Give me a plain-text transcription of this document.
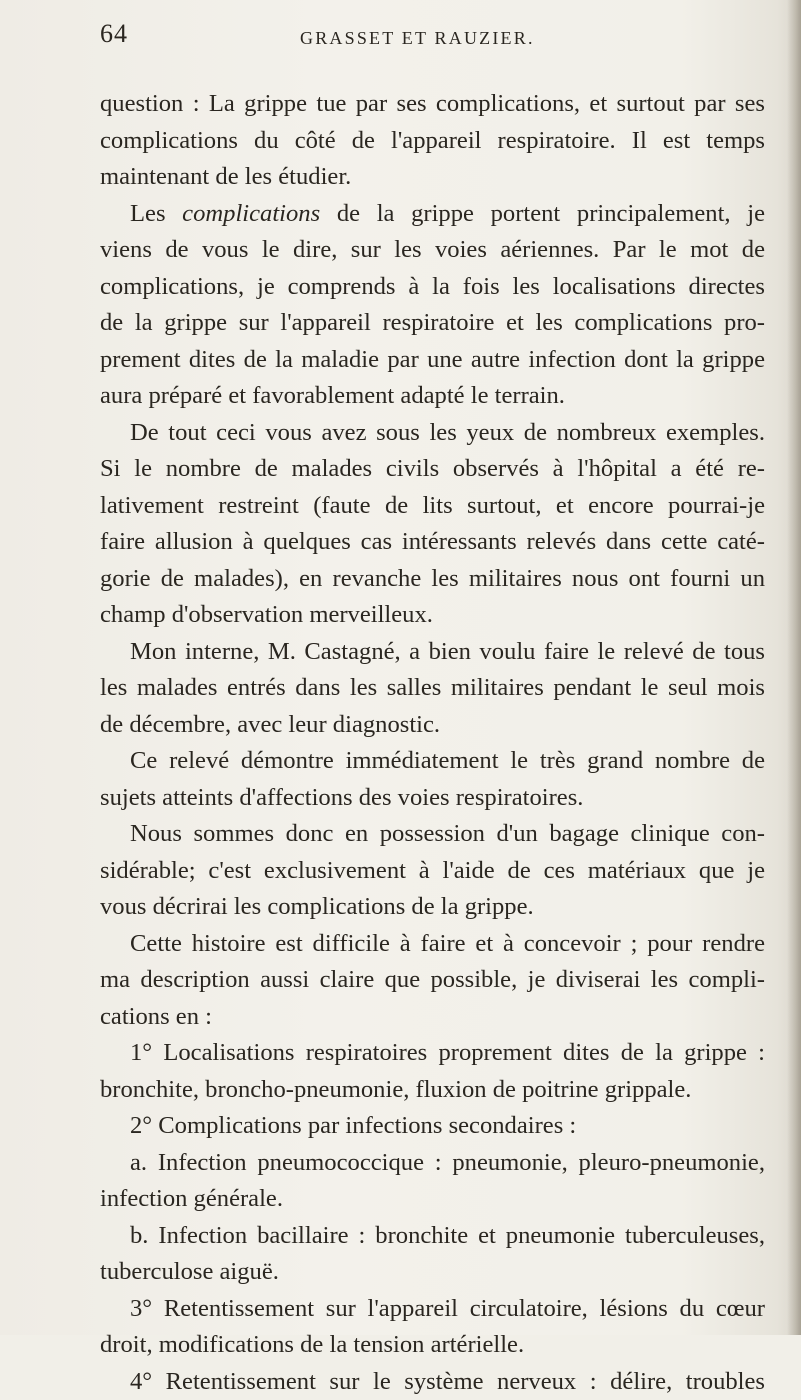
64	GRASSET ET RAUZIER.
question : La grippe tue par ses complications, et surtout par ses
complications du côté de l'appareil respiratoire. Il est temps
maintenant de les étudier.
Les complications de la grippe portent principalement, je
viens de vous le dire, sur les voies aériennes. Par le mot de
complications, je comprends à la fois les localisations directes
de la grippe sur l'appareil respiratoire et les complications pro-
prement dites de la maladie par une autre infection dont la grippe
aura préparé et favorablement adapté le terrain.
De tout ceci vous avez sous les yeux de nombreux exemples.
Si le nombre de malades civils observés à l'hôpital a été re-
lativement restreint (faute de lits surtout, et encore pourrai-je
faire allusion à quelques cas intéressants relevés dans cette caté-
gorie de malades), en revanche les militaires nous ont fourni un
champ d'observation merveilleux.
Mon interne, M. Castagné, a bien voulu faire le relevé de tous
les malades entrés dans les salles militaires pendant le seul mois
de décembre, avec leur diagnostic.
Ce relevé démontre immédiatement le très grand nombre de
sujets atteints d'affections des voies respiratoires.
Nous sommes donc en possession d'un bagage clinique con-
sidérable; c'est exclusivement à l'aide de ces matériaux que je
vous décrirai les complications de la grippe.
Cette histoire est difficile à faire et à concevoir ; pour rendre
ma description aussi claire que possible, je diviserai les compli-
cations en :
1° Localisations respiratoires proprement dites de la grippe :
bronchite, broncho-pneumonie, fluxion de poitrine grippale.
2° Complications par infections secondaires :
a. Infection pneumococcique : pneumonie, pleuro-pneumonie,
infection générale.
b. Infection bacillaire : bronchite et pneumonie tuberculeuses,
tuberculose aiguë.
3° Retentissement sur l'appareil circulatoire, lésions du cœur
droit, modifications de la tension artérielle.
4° Retentissement sur le système nerveux : délire, troubles
